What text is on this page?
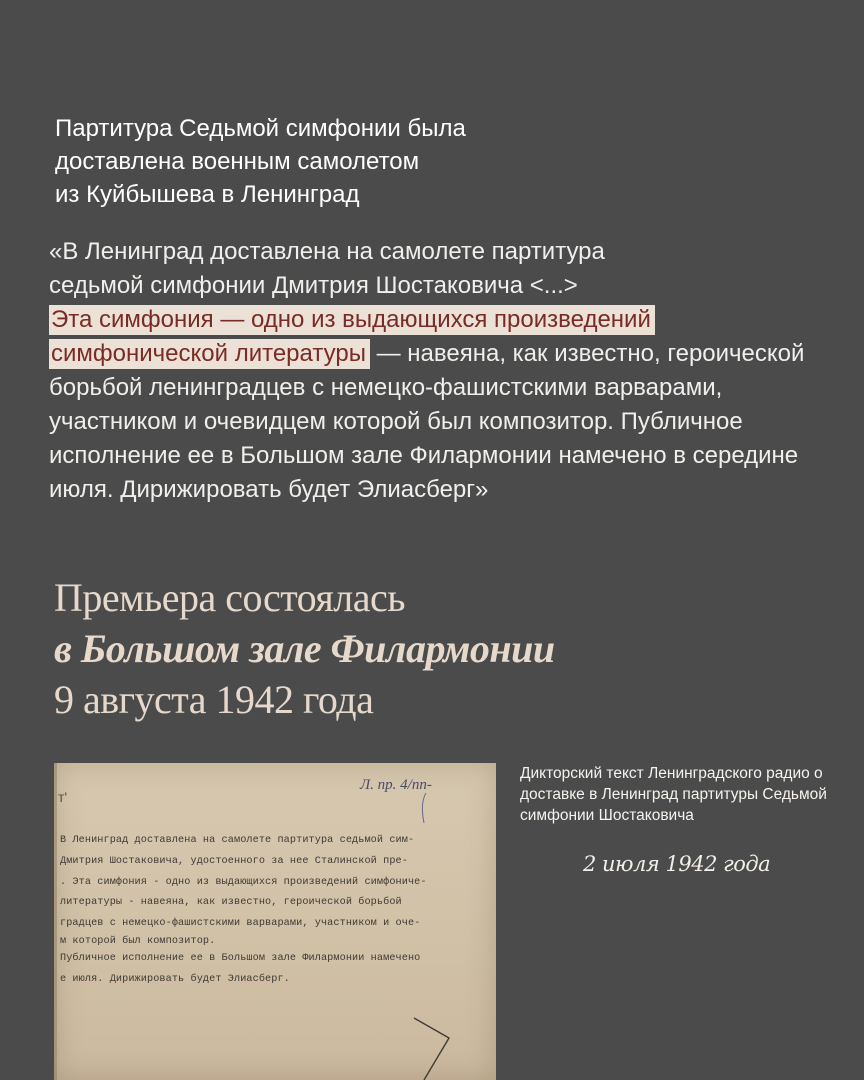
Партитура Седьмой симфонии была
доставлена военным самолетом
из Куйбышева в Ленинград

«В Ленинград доставлена на самолете партитура
седьмой симфонии Дмитрия Шостаковича <...>
Эта симфония — одно из выдающихся произведений симфонической литературы — навеяна, как известно, героической борьбой ленинградцев с немецко-фашистскими варварами, участником и очевидцем которой был композитор. Публичное исполнение ее в Большом зале Филармонии намечено в середине июля. Дирижировать будет Элиасберг»

Премьера состоялась
в Большом зале Филармонии
9 августа 1942 года
Л. пр. 4/пп-
т'
В Ленинград доставлена на самолете партитура седьмой сим-
Дмитрия Шостаковича, удостоенного за нее Сталинской пре-
. Эта симфония - одно из выдающихся произведений симфониче-
литературы - навеяна, как известно, героической борьбой
градцев с немецко-фашистскими варварами, участником и оче-
м которой был композитор.
Публичное исполнение ее в Большом зале Филармонии намечено
е июля. Дирижировать будет Элиасберг.
Дикторский текст Ленинградского радио о доставке в Ленинград партитуры Седьмой симфонии Шостаковича
2 июля 1942 года
